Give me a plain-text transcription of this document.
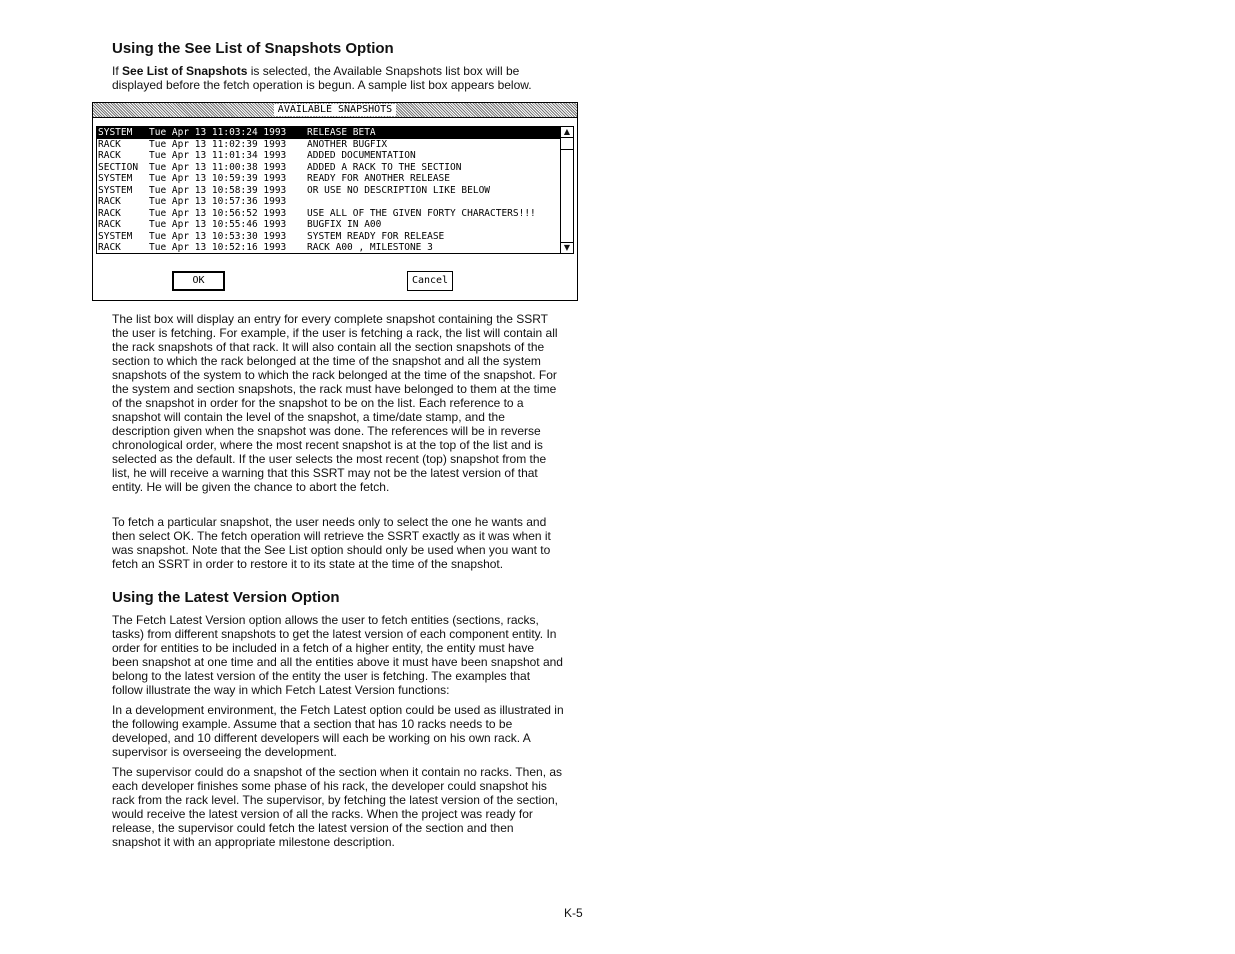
Using the See List of Snapshots Option

If See List of Snapshots is selected, the Available Snapshots list box will be displayed before the fetch operation is begun. A sample list box appears below.

AVAILABLE SNAPSHOTS
SYSTEM	Tue Apr 13 11:03:24 1993	RELEASE BETA
RACK	Tue Apr 13 11:02:39 1993	ANOTHER BUGFIX
RACK	Tue Apr 13 11:01:34 1993	ADDED DOCUMENTATION
SECTION	Tue Apr 13 11:00:38 1993	ADDED A RACK TO THE SECTION
SYSTEM	Tue Apr 13 10:59:39 1993	READY FOR ANOTHER RELEASE
SYSTEM	Tue Apr 13 10:58:39 1993	OR USE NO DESCRIPTION LIKE BELOW
RACK	Tue Apr 13 10:57:36 1993
RACK	Tue Apr 13 10:56:52 1993	USE ALL OF THE GIVEN FORTY CHARACTERS!!!
RACK	Tue Apr 13 10:55:46 1993	BUGFIX IN A00
SYSTEM	Tue Apr 13 10:53:30 1993	SYSTEM READY FOR RELEASE
RACK	Tue Apr 13 10:52:16 1993	RACK A00 , MILESTONE 3
▲
▼
OK	Cancel

The list box will display an entry for every complete snapshot containing the SSRT the user is fetching. For example, if the user is fetching a rack, the list will contain all the rack snapshots of that rack. It will also contain all the section snapshots of the section to which the rack belonged at the time of the snapshot and all the system snapshots of the system to which the rack belonged at the time of the snapshot. For the system and section snapshots, the rack must have belonged to them at the time of the snapshot in order for the snapshot to be on the list. Each reference to a snapshot will contain the level of the snapshot, a time/date stamp, and the description given when the snapshot was done. The references will be in reverse chronological order, where the most recent snapshot is at the top of the list and is selected as the default. If the user selects the most recent (top) snapshot from the list, he will receive a warning that this SSRT may not be the latest version of that entity. He will be given the chance to abort the fetch.

To fetch a particular snapshot, the user needs only to select the one he wants and then select OK. The fetch operation will retrieve the SSRT exactly as it was when it was snapshot. Note that the See List option should only be used when you want to fetch an SSRT in order to restore it to its state at the time of the snapshot.

Using the Latest Version Option

The Fetch Latest Version option allows the user to fetch entities (sections, racks, tasks) from different snapshots to get the latest version of each component entity. In order for entities to be included in a fetch of a higher entity, the entity must have been snapshot at one time and all the entities above it must have been snapshot and belong to the latest version of the entity the user is fetching. The examples that follow illustrate the way in which Fetch Latest Version functions:

In a development environment, the Fetch Latest option could be used as illustrated in the following example. Assume that a section that has 10 racks needs to be developed, and 10 different developers will each be working on his own rack. A supervisor is overseeing the development.

The supervisor could do a snapshot of the section when it contain no racks. Then, as each developer finishes some phase of his rack, the developer could snapshot his rack from the rack level. The supervisor, by fetching the latest version of the section, would receive the latest version of all the racks. When the project was ready for release, the supervisor could fetch the latest version of the section and then snapshot it with an appropriate milestone description.

K-5
